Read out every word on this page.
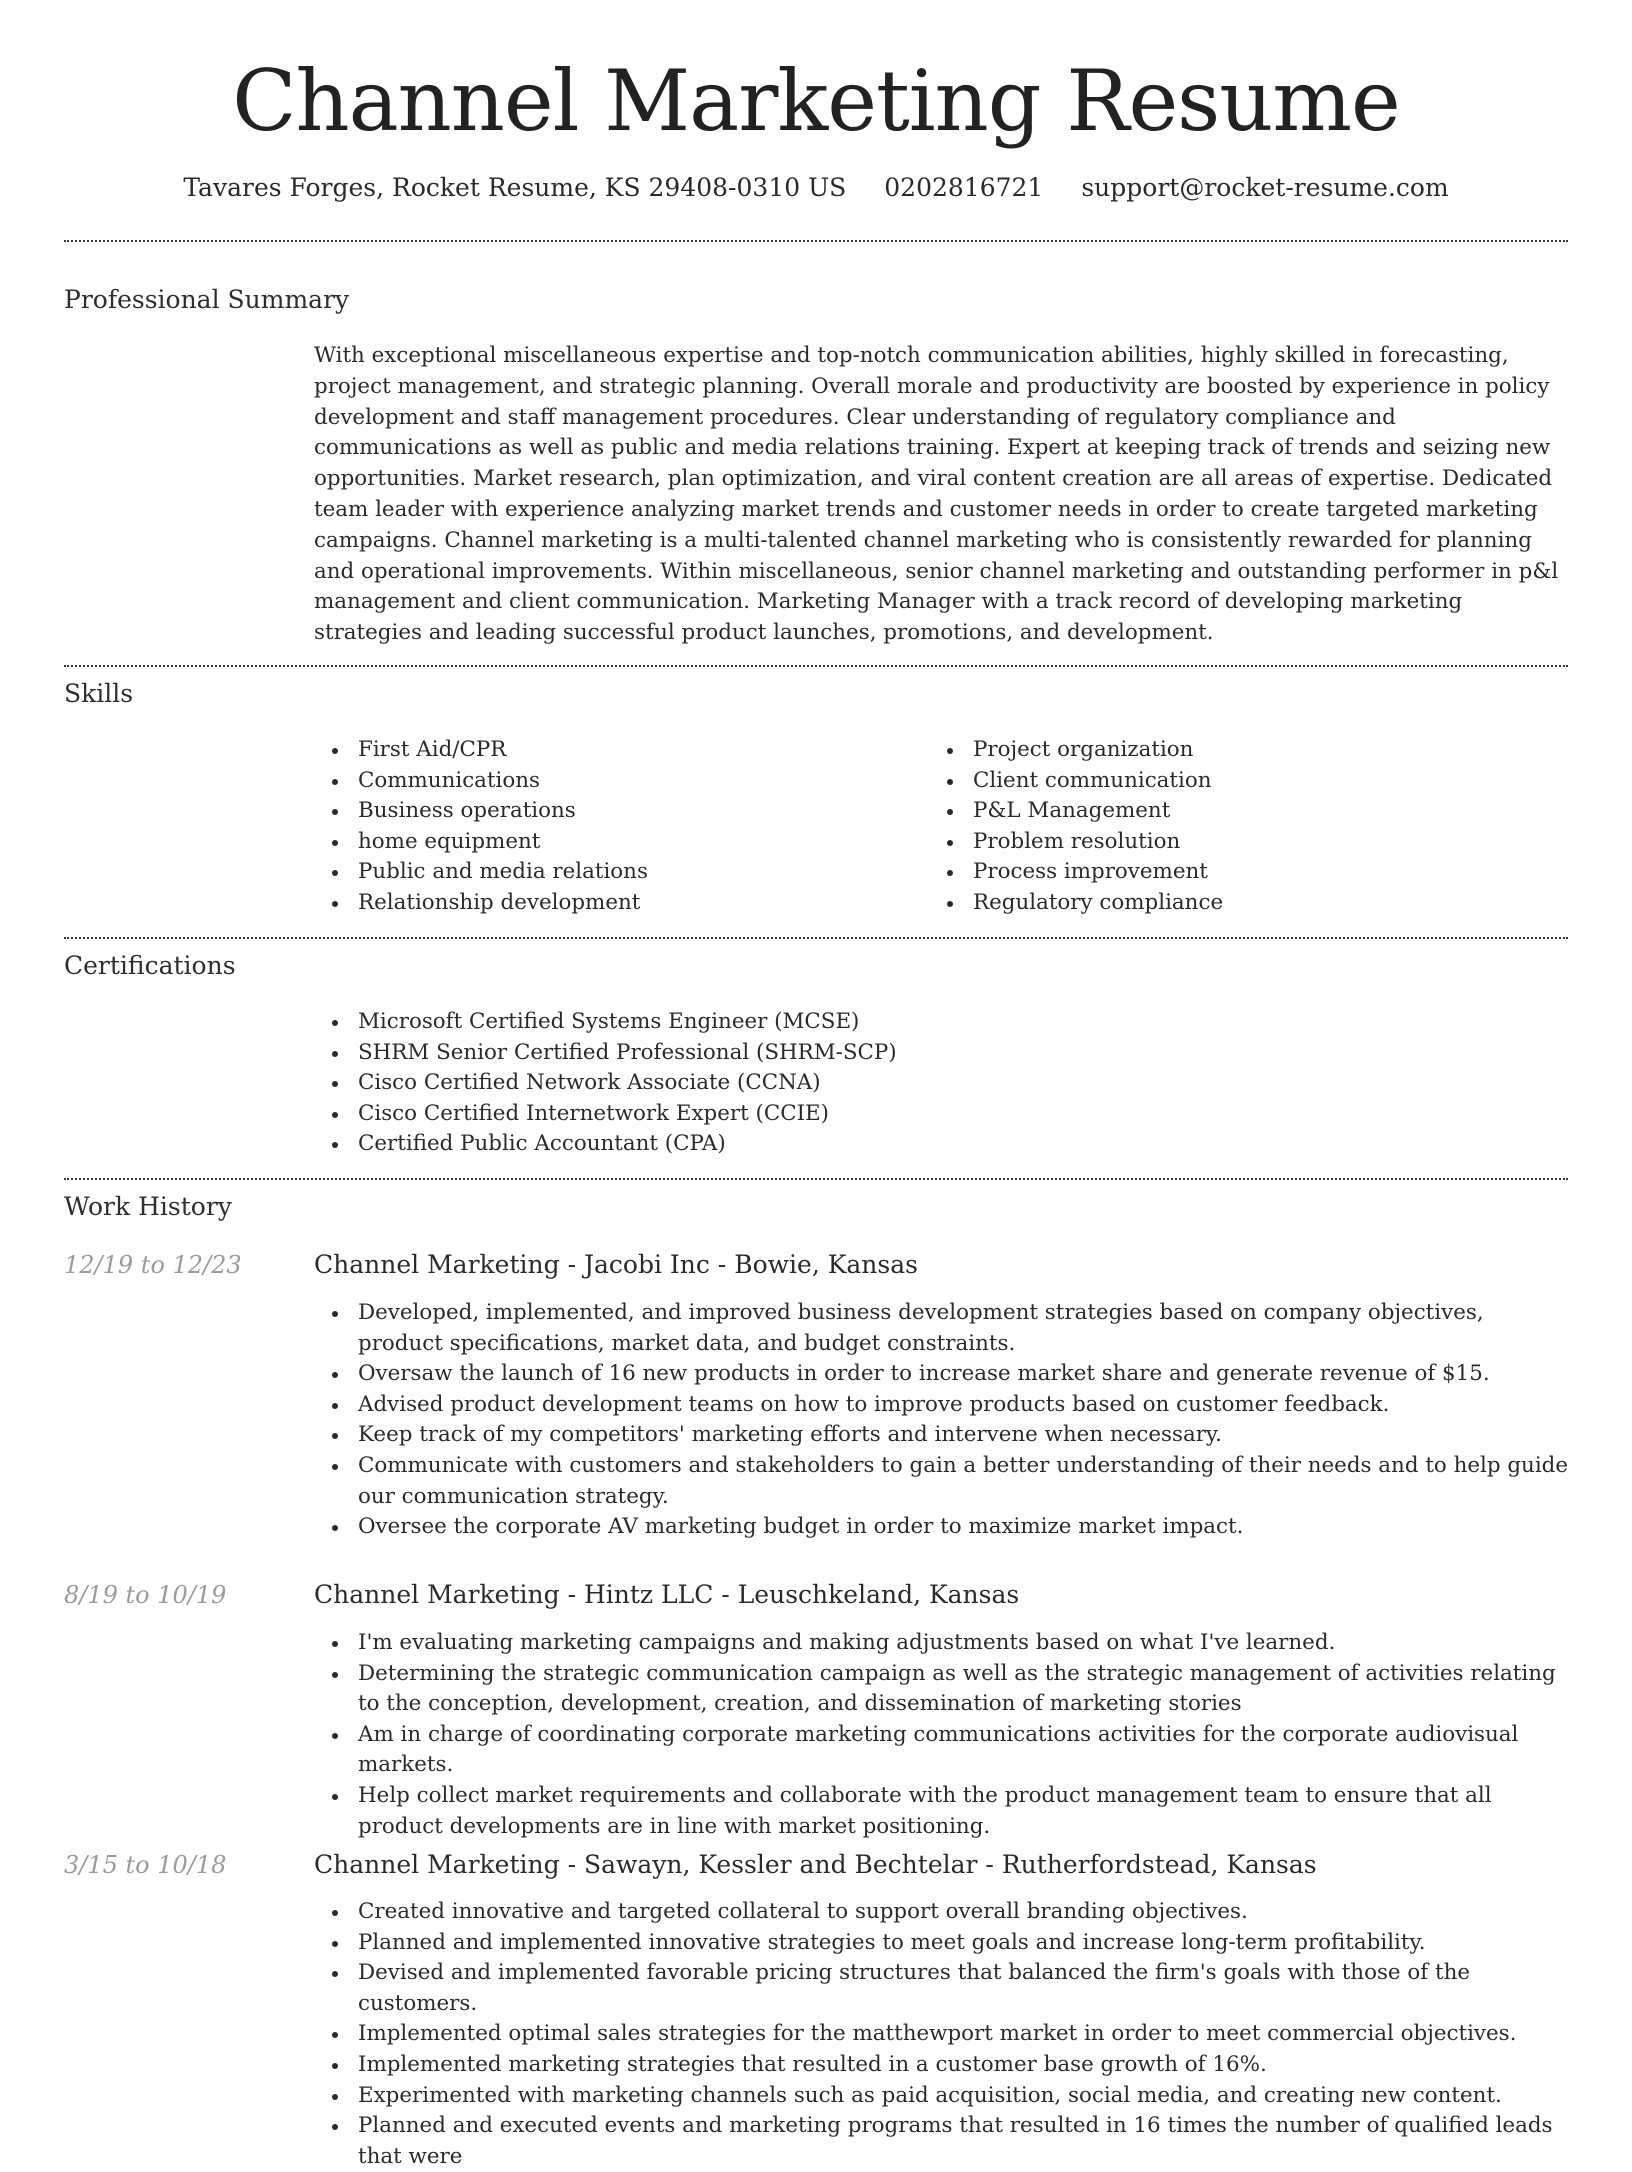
Channel Marketing Resume
Tavares Forges, Rocket Resume, KS 29408-0310 US 0202816721 support@rocket-resume.com
Professional Summary

With exceptional miscellaneous expertise and top-notch communication abilities, highly skilled in forecasting, project management, and strategic planning. Overall morale and productivity are boosted by experience in policy development and staff management procedures. Clear understanding of regulatory compliance and communications as well as public and media relations training. Expert at keeping track of trends and seizing new opportunities. Market research, plan optimization, and viral content creation are all areas of expertise. Dedicated team leader with experience analyzing market trends and customer needs in order to create targeted marketing campaigns. Channel marketing is a multi-talented channel marketing who is consistently rewarded for planning and operational improvements. Within miscellaneous, senior channel marketing and outstanding performer in p&l management and client communication. Marketing Manager with a track record of developing marketing strategies and leading successful product launches, promotions, and development.

Skills
First Aid/CPR
Communications
Business operations
home equipment
Public and media relations
Relationship development
Project organization
Client communication
P&L Management
Problem resolution
Process improvement
Regulatory compliance
Certifications
Microsoft Certified Systems Engineer (MCSE)
SHRM Senior Certified Professional (SHRM-SCP)
Cisco Certified Network Associate (CCNA)
Cisco Certified Internetwork Expert (CCIE)
Certified Public Accountant (CPA)
Work History
12/19 to 12/23	Channel Marketing - Jacobi Inc - Bowie, Kansas
Developed, implemented, and improved business development strategies based on company objectives, product specifications, market data, and budget constraints.
Oversaw the launch of 16 new products in order to increase market share and generate revenue of $15.
Advised product development teams on how to improve products based on customer feedback.
Keep track of my competitors' marketing efforts and intervene when necessary.
Communicate with customers and stakeholders to gain a better understanding of their needs and to help guide our communication strategy.
Oversee the corporate AV marketing budget in order to maximize market impact.
8/19 to 10/19	Channel Marketing - Hintz LLC - Leuschkeland, Kansas
I'm evaluating marketing campaigns and making adjustments based on what I've learned.
Determining the strategic communication campaign as well as the strategic management of activities relating to the conception, development, creation, and dissemination of marketing stories
Am in charge of coordinating corporate marketing communications activities for the corporate audiovisual markets.
Help collect market requirements and collaborate with the product management team to ensure that all product developments are in line with market positioning.
3/15 to 10/18	Channel Marketing - Sawayn, Kessler and Bechtelar - Rutherfordstead, Kansas
Created innovative and targeted collateral to support overall branding objectives.
Planned and implemented innovative strategies to meet goals and increase long-term profitability.
Devised and implemented favorable pricing structures that balanced the firm's goals with those of the customers.
Implemented optimal sales strategies for the matthewport market in order to meet commercial objectives.
Implemented marketing strategies that resulted in a customer base growth of 16%.
Experimented with marketing channels such as paid acquisition, social media, and creating new content.
Planned and executed events and marketing programs that resulted in 16 times the number of qualified leads that were
